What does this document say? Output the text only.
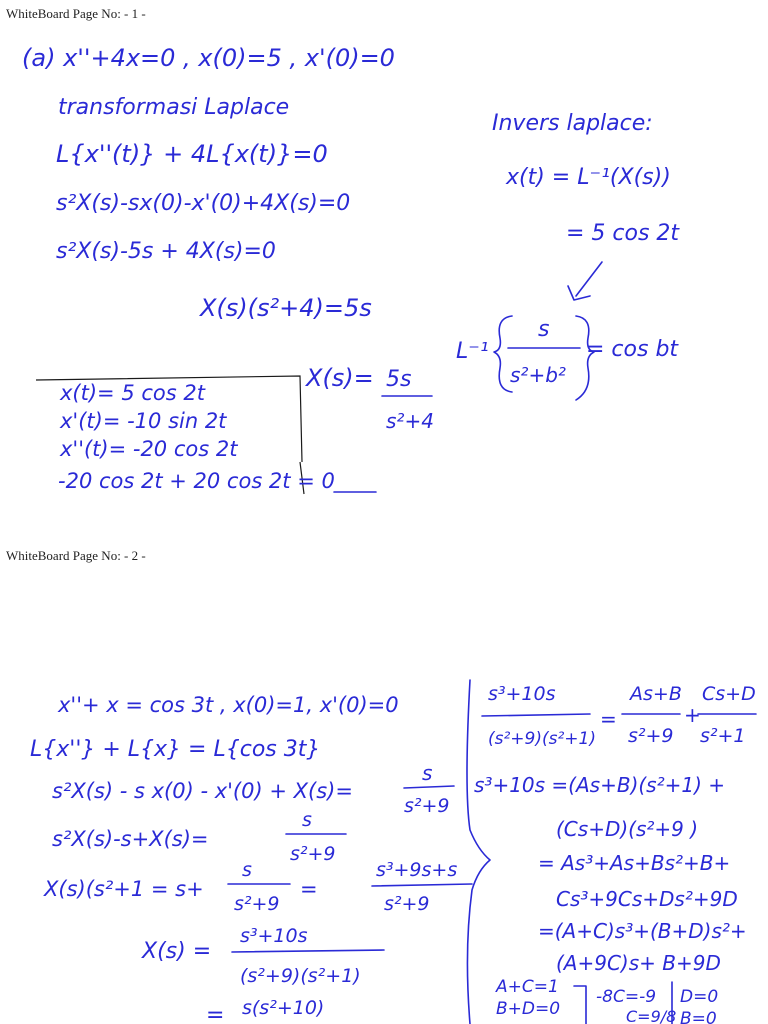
WhiteBoard Page No: - 1 -
(a) x''+4x=0 , x(0)=5 , x'(0)=0
transformasi Laplace
L{x''(t)} + 4L{x(t)}=0
s²X(s)-sx(0)-x'(0)+4X(s)=0
s²X(s)-5s + 4X(s)=0
X(s)(s²+4)=5s
X(s)= 5s
s²+4
Invers laplace:
x(t) = L⁻¹(X(s))
= 5 cos 2t
L⁻¹
s
s²+b²
= cos bt
x(t)= 5 cos 2t
x'(t)= -10 sin 2t
x''(t)= -20 cos 2t
-20 cos 2t + 20 cos 2t = 0
WhiteBoard Page No: - 2 -
x''+ x = cos 3t , x(0)=1, x'(0)=0
L{x''} + L{x} = L{cos 3t}
s²X(s) - s x(0) - x'(0) + X(s)=
s
s²+9
s²X(s)-s+X(s)=
s
s²+9
X(s)(s²+1 = s+
s
s²+9
=
s³+9s+s
s²+9
X(s) =
s³+10s
(s²+9)(s²+1)
= s(s²+10)
s³+10s
(s²+9)(s²+1)
=
As+B
s²+9
+
Cs+D
s²+1
s³+10s =(As+B)(s²+1) +
(Cs+D)(s²+9 )
= As³+As+Bs²+B+
Cs³+9Cs+Ds²+9D
=(A+C)s³+(B+D)s²+
(A+9C)s+ B+9D
A+C=1
B+D=0
-8C=-9
C=9/8
D=0
B=0
